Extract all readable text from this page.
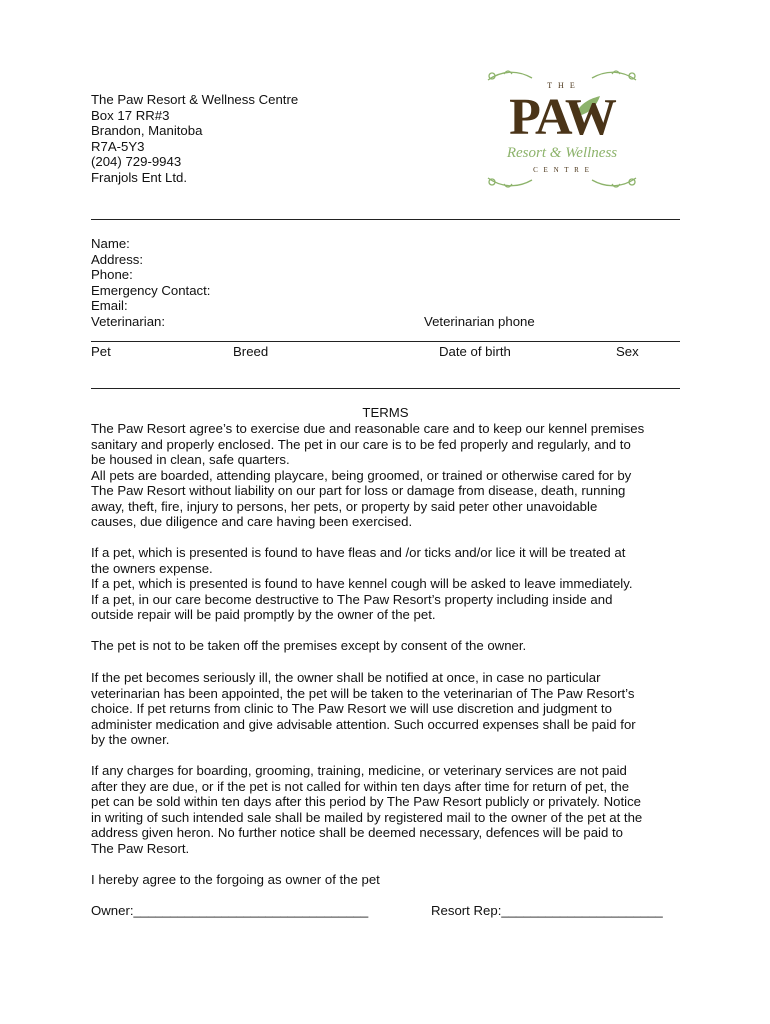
The Paw Resort & Wellness Centre
Box 17 RR#3
Brandon, Manitoba
R7A-5Y3
(204) 729-9943
Franjols Ent Ltd.
T H E
PAW
Resort & Wellness
C E N T R E
Name:
Address:
Phone:
Emergency Contact:
Email:
Veterinarian:	Veterinarian phone
Pet	Breed	Date of birth	Sex
TERMS
The Paw Resort agree’s to exercise due and reasonable care and to keep our kennel premises
sanitary and properly enclosed. The pet in our care is to be fed properly and regularly, and to
be housed in clean, safe quarters.
All pets are boarded, attending playcare, being groomed, or trained or otherwise cared for by
The Paw Resort without liability on our part for loss or damage from disease, death, running
away, theft, fire, injury to persons, her pets, or property by said peter other unavoidable
causes, due diligence and care having been exercised.
If a pet, which is presented is found to have fleas and /or ticks and/or lice it will be treated at
the owners expense.
If a pet, which is presented is found to have kennel cough will be asked to leave immediately.
If a pet, in our care become destructive to The Paw Resort’s property including inside and
outside repair will be paid promptly by the owner of the pet.
The pet is not to be taken off the premises except by consent of the owner.
If the pet becomes seriously ill, the owner shall be notified at once, in case no particular
veterinarian has been appointed, the pet will be taken to the veterinarian of The Paw Resort’s
choice. If pet returns from clinic to The Paw Resort we will use discretion and judgment to
administer medication and give advisable attention. Such occurred expenses shall be paid for
by the owner.
If any charges for boarding, grooming, training, medicine, or veterinary services are not paid
after they are due, or if the pet is not called for within ten days after time for return of pet, the
pet can be sold within ten days after this period by The Paw Resort publicly or privately. Notice
in writing of such intended sale shall be mailed by registered mail to the owner of the pet at the
address given heron. No further notice shall be deemed necessary, defences will be paid to
The Paw Resort.
I hereby agree to the forgoing as owner of the pet
Owner:________________________________	Resort Rep:______________________
